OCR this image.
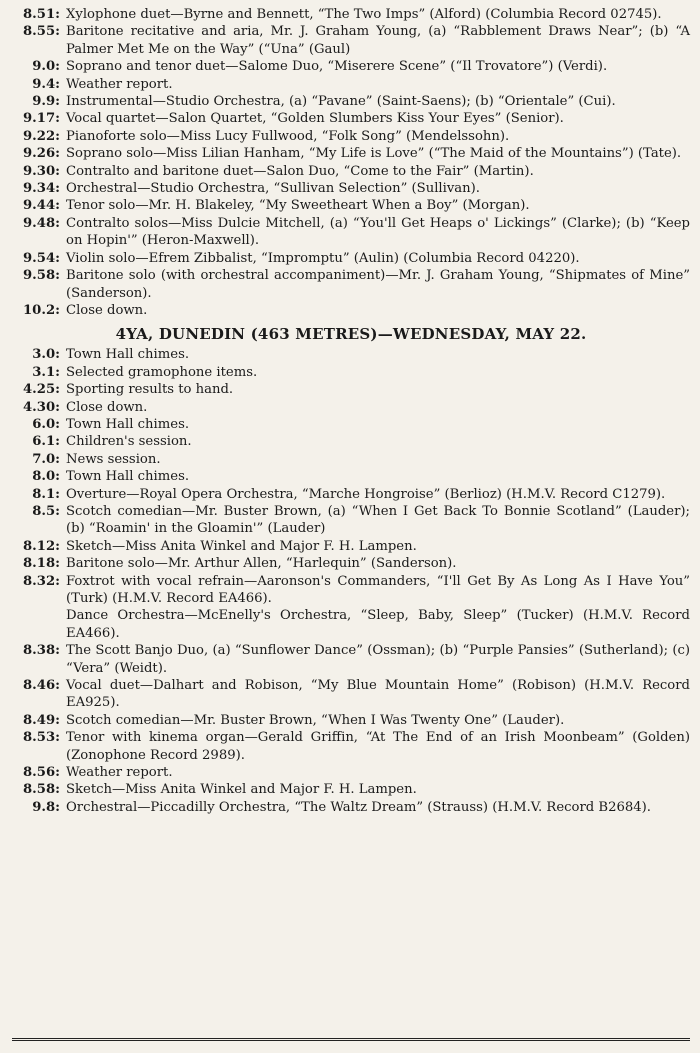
8.51: Xylophone duet—Byrne and Bennett, “The Two Imps” (Alford) (Columbia Record 02745).
8.55: Baritone recitative and aria, Mr. J. Graham Young, (a) “Rabblement Draws Near”; (b) “A Palmer Met Me on the Way” (“Una” (Gaul)
9.0: Soprano and tenor duet—Salome Duo, “Miserere Scene” (“Il Trovatore”) (Verdi).
9.4: Weather report.
9.9: Instrumental—Studio Orchestra, (a) “Pavane” (Saint-Saens); (b) “Orientale” (Cui).
9.17: Vocal quartet—Salon Quartet, “Golden Slumbers Kiss Your Eyes” (Senior).
9.22: Pianoforte solo—Miss Lucy Fullwood, “Folk Song” (Mendelssohn).
9.26: Soprano solo—Miss Lilian Hanham, “My Life is Love” (“The Maid of the Mountains”) (Tate).
9.30: Contralto and baritone duet—Salon Duo, “Come to the Fair” (Martin).
9.34: Orchestral—Studio Orchestra, “Sullivan Selection” (Sullivan).
9.44: Tenor solo—Mr. H. Blakeley, “My Sweetheart When a Boy” (Morgan).
9.48: Contralto solos—Miss Dulcie Mitchell, (a) “You'll Get Heaps o' Lickings” (Clarke); (b) “Keep on Hopin'” (Heron-Maxwell).
9.54: Violin solo—Efrem Zibbalist, “Impromptu” (Aulin) (Columbia Record 04220).
9.58: Baritone solo (with orchestral accompaniment)—Mr. J. Graham Young, “Shipmates of Mine” (Sanderson).
10.2: Close down.
4YA, DUNEDIN (463 METRES)—WEDNESDAY, MAY 22.
3.0: Town Hall chimes.
3.1: Selected gramophone items.
4.25: Sporting results to hand.
4.30: Close down.
6.0: Town Hall chimes.
6.1: Children's session.
7.0: News session.
8.0: Town Hall chimes.
8.1: Overture—Royal Opera Orchestra, “Marche Hongroise” (Berlioz) (H.M.V. Record C1279).
8.5: Scotch comedian—Mr. Buster Brown, (a) “When I Get Back To Bonnie Scotland” (Lauder); (b) “Roamin' in the Gloamin'” (Lauder)
8.12: Sketch—Miss Anita Winkel and Major F. H. Lampen.
8.18: Baritone solo—Mr. Arthur Allen, “Harlequin” (Sanderson).
8.32: Foxtrot with vocal refrain—Aaronson's Commanders, “I'll Get By As Long As I Have You” (Turk) (H.M.V. Record EA466).
Dance Orchestra—McEnelly's Orchestra, “Sleep, Baby, Sleep” (Tucker) (H.M.V. Record EA466).
8.38: The Scott Banjo Duo, (a) “Sunflower Dance” (Ossman); (b) “Purple Pansies” (Sutherland); (c) “Vera” (Weidt).
8.46: Vocal duet—Dalhart and Robison, “My Blue Mountain Home” (Robison) (H.M.V. Record EA925).
8.49: Scotch comedian—Mr. Buster Brown, “When I Was Twenty One” (Lauder).
8.53: Tenor with kinema organ—Gerald Griffin, “At The End of an Irish Moonbeam” (Golden) (Zonophone Record 2989).
8.56: Weather report.
8.58: Sketch—Miss Anita Winkel and Major F. H. Lampen.
9.8: Orchestral—Piccadilly Orchestra, “The Waltz Dream” (Strauss) (H.M.V. Record B2684).
